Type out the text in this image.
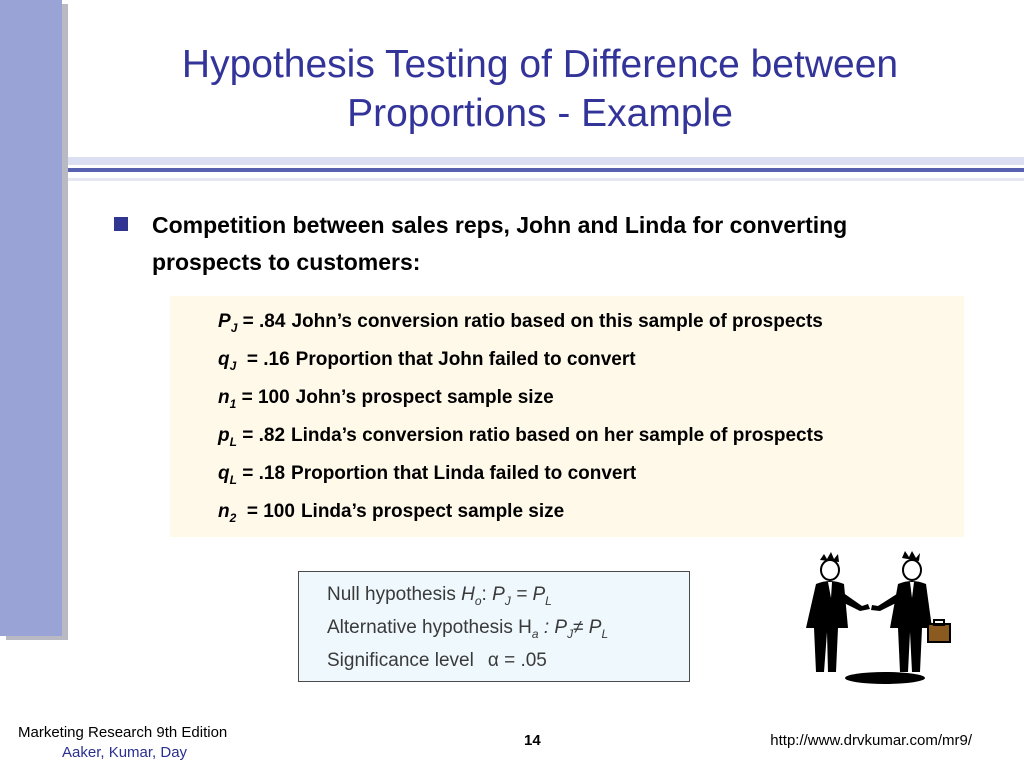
Hypothesis Testing of Difference between
Proportions - Example
Competition between sales reps, John and Linda for converting
prospects to customers:
$P_J = .84$ John’s conversion ratio based on this sample of prospects
$q_J = .16$ Proportion that John failed to convert
$n_1 = 100$ John’s prospect sample size
$p_L = .82$ Linda’s conversion ratio based on her sample of prospects
$q_L = .18$ Proportion that Linda failed to convert
$n_2 = 100$ Linda’s prospect sample size
Null hypothesis $H_o$: $P_J = P_L$
Alternative hypothesis $H_a$ : $P_J\ne P_L$
Significance level α = .05
Marketing Research 9th Edition
Aaker, Kumar, Day
14	http://www.drvkumar.com/mr9/
